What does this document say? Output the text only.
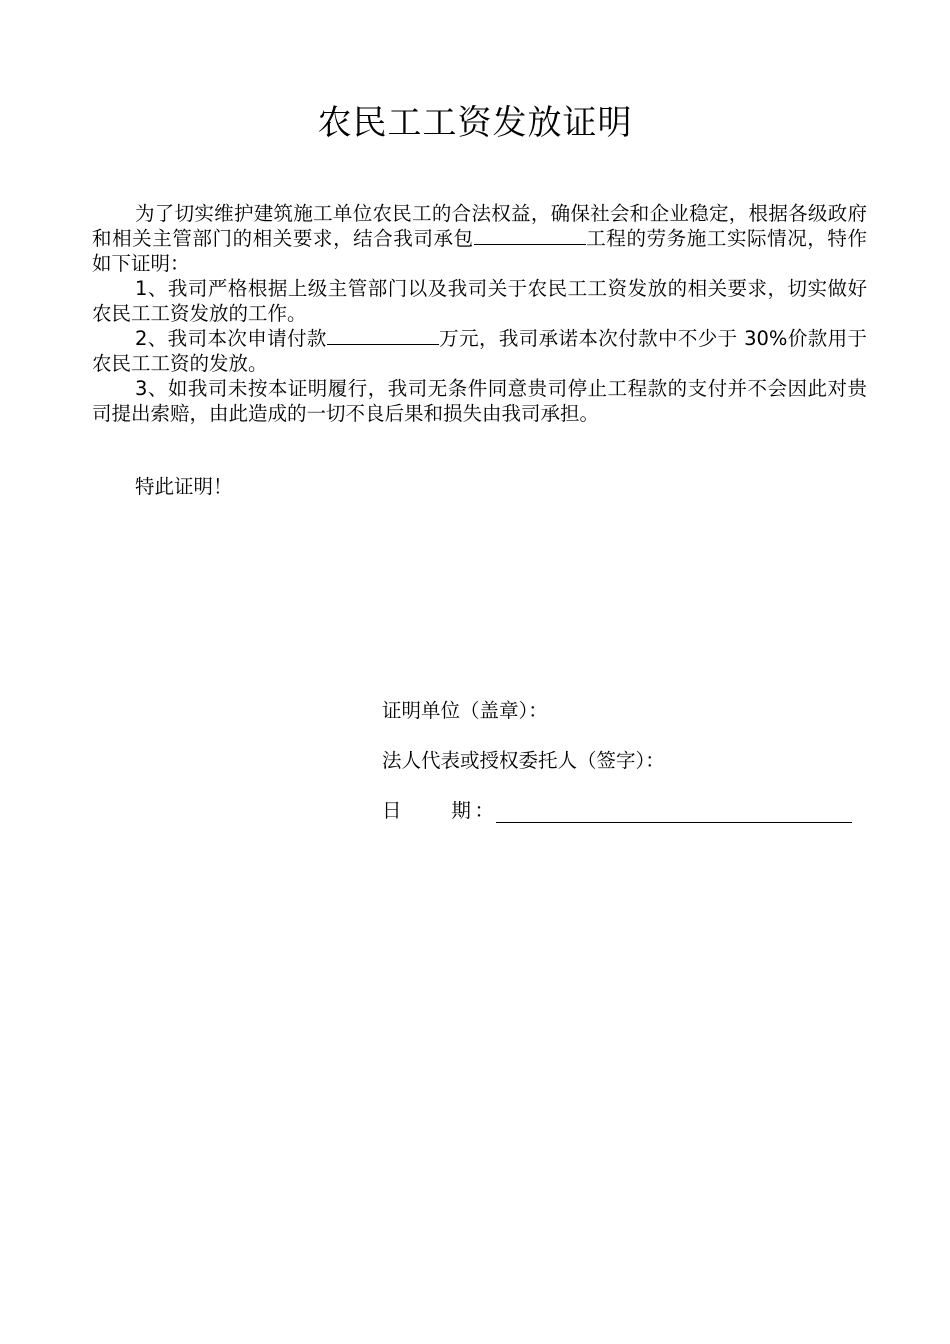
农民工工资发放证明

为了切实维护建筑施工单位农民工的合法权益，确保社会和企业稳定，根据各级政府和相关主管部门的相关要求，结合我司承包	工程的劳务施工实际情况，特作如下证明：

1、我司严格根据上级主管部门以及我司关于农民工工资发放的相关要求，切实做好农民工工资发放的工作。

2、我司本次申请付款	万元，我司承诺本次付款中不少于 30%价款用于农民工工资的发放。

3、如我司未按本证明履行，我司无条件同意贵司停止工程款的支付并不会因此对贵司提出索赔，由此造成的一切不良后果和损失由我司承担。

特此证明！
证明单位（盖章）：
法人代表或授权委托人（签字）：
日　　期：
